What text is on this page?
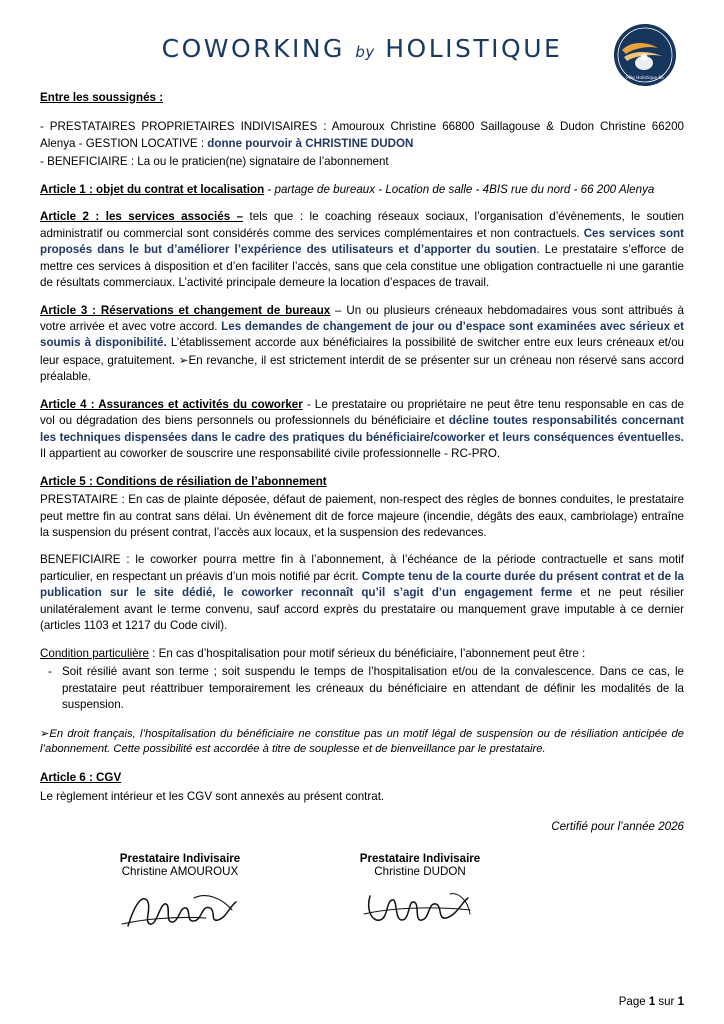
COWORKING by HOLISTIQUE
Pôle Holistique 66

Entre les soussignés :

- PRESTATAIRES PROPRIETAIRES INDIVISAIRES : Amouroux Christine 66800 Saillagouse & Dudon Christine 66200 Alenya - GESTION LOCATIVE : donne pourvoir à CHRISTINE DUDON

- BENEFICIAIRE : La ou le praticien(ne) signataire de l’abonnement

Article 1 : objet du contrat et localisation - partage de bureaux - Location de salle - 4BIS rue du nord - 66 200 Alenya

Article 2 : les services associés – tels que : le coaching réseaux sociaux, l’organisation d’évènements, le soutien administratif ou commercial sont considérés comme des services complémentaires et non contractuels. Ces services sont proposés dans le but d’améliorer l’expérience des utilisateurs et d’apporter du soutien. Le prestataire s’efforce de mettre ces services à disposition et d’en faciliter l’accès, sans que cela constitue une obligation contractuelle ni une garantie de résultats commerciaux. L’activité principale demeure la location d’espaces de travail.

Article 3 : Réservations et changement de bureaux – Un ou plusieurs créneaux hebdomadaires vous sont attribués à votre arrivée et avec votre accord. Les demandes de changement de jour ou d’espace sont examinées avec sérieux et soumis à disponibilité. L’établissement accorde aux bénéficiaires la possibilité de switcher entre eux leurs créneaux et/ou leur espace, gratuitement. ➢En revanche, il est strictement interdit de se présenter sur un créneau non réservé sans accord préalable.

Article 4 : Assurances et activités du coworker - Le prestataire ou propriétaire ne peut être tenu responsable en cas de vol ou dégradation des biens personnels ou professionnels du bénéficiaire et décline toutes responsabilités concernant les techniques dispensées dans le cadre des pratiques du bénéficiaire/coworker et leurs conséquences éventuelles. Il appartient au coworker de souscrire une responsabilité civile professionnelle - RC-PRO.

Article 5 : Conditions de résiliation de l’abonnement

PRESTATAIRE : En cas de plainte déposée, défaut de paiement, non-respect des règles de bonnes conduites, le prestataire peut mettre fin au contrat sans délai. Un évènement dit de force majeure (incendie, dégâts des eaux, cambriolage) entraîne la suspension du présent contrat, l’accès aux locaux, et la suspension des redevances.

BENEFICIAIRE : le coworker pourra mettre fin à l’abonnement, à l’échéance de la période contractuelle et sans motif particulier, en respectant un préavis d’un mois notifié par écrit. Compte tenu de la courte durée du présent contrat et de la publication sur le site dédié, le coworker reconnaît qu’il s’agit d’un engagement ferme et ne peut résilier unilatéralement avant le terme convenu, sauf accord exprès du prestataire ou manquement grave imputable à ce dernier (articles 1103 et 1217 du Code civil).

Condition particulière : En cas d’hospitalisation pour motif sérieux du bénéficiaire, l’abonnement peut être :

- Soit résilié avant son terme ; soit suspendu le temps de l’hospitalisation et/ou de la convalescence. Dans ce cas, le prestataire peut réattribuer temporairement les créneaux du bénéficiaire en attendant de définir les modalités de la suspension.

➢En droit français, l’hospitalisation du bénéficiaire ne constitue pas un motif légal de suspension ou de résiliation anticipée de l’abonnement. Cette possibilité est accordée à titre de souplesse et de bienveillance par le prestataire.

Article 6 : CGV

Le règlement intérieur et les CGV sont annexés au présent contrat.

Certifié pour l’année 2026

Prestataire Indivisaire
Christine AMOUROUX
Prestataire Indivisaire
Christine DUDON
Page 1 sur 1
